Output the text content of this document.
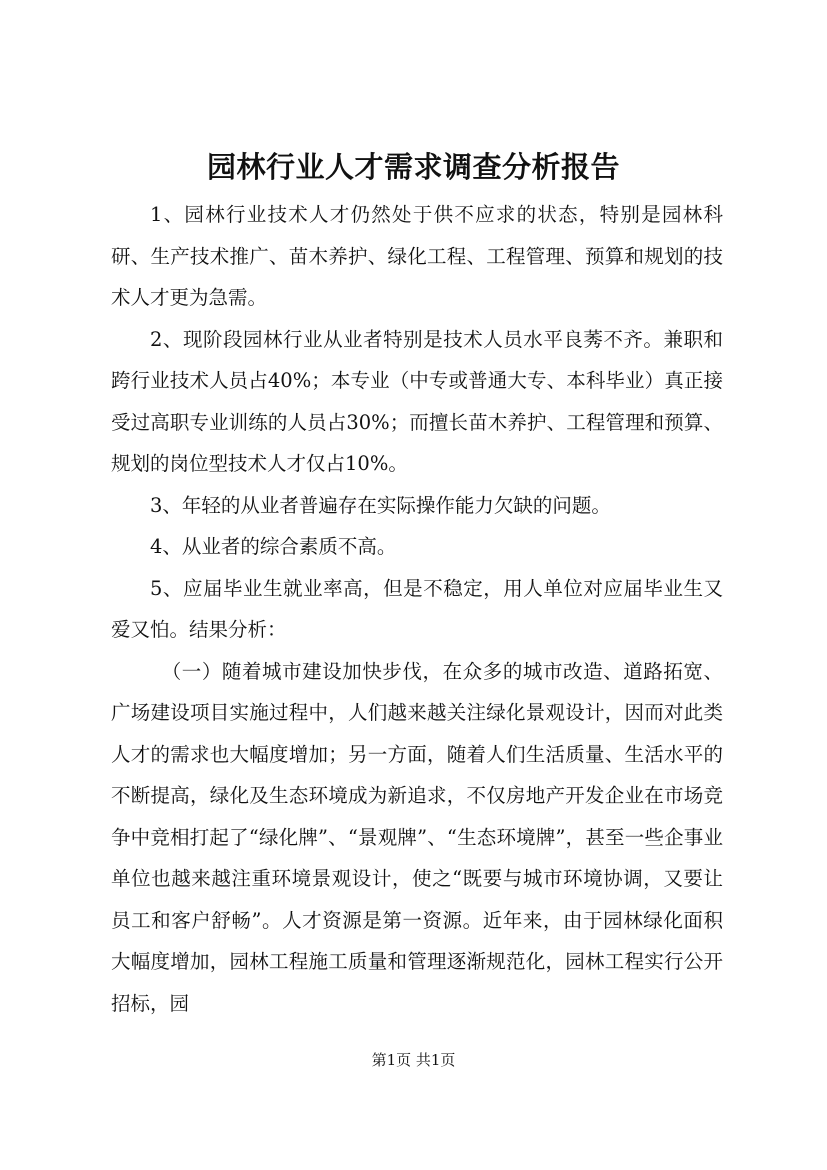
园林行业人才需求调查分析报告

1、园林行业技术人才仍然处于供不应求的状态，特别是园林科研、生产技术推广、苗木养护、绿化工程、工程管理、预算和规划的技术人才更为急需。

2、现阶段园林行业从业者特别是技术人员水平良莠不齐。兼职和跨行业技术人员占40%；本专业（中专或普通大专、本科毕业）真正接受过高职专业训练的人员占30%；而擅长苗木养护、工程管理和预算、规划的岗位型技术人才仅占10%。

3、年轻的从业者普遍存在实际操作能力欠缺的问题。

4、从业者的综合素质不高。

5、应届毕业生就业率高，但是不稳定，用人单位对应届毕业生又爱又怕。结果分析：

（一）随着城市建设加快步伐，在众多的城市改造、道路拓宽、广场建设项目实施过程中，人们越来越关注绿化景观设计，因而对此类人才的需求也大幅度增加；另一方面，随着人们生活质量、生活水平的不断提高，绿化及生态环境成为新追求，不仅房地产开发企业在市场竞争中竞相打起了“绿化牌”、“景观牌”、“生态环境牌”，甚至一些企事业单位也越来越注重环境景观设计，使之“既要与城市环境协调，又要让员工和客户舒畅”。人才资源是第一资源。近年来，由于园林绿化面积大幅度增加，园林工程施工质量和管理逐渐规范化，园林工程实行公开招标，园

第1页 共1页
